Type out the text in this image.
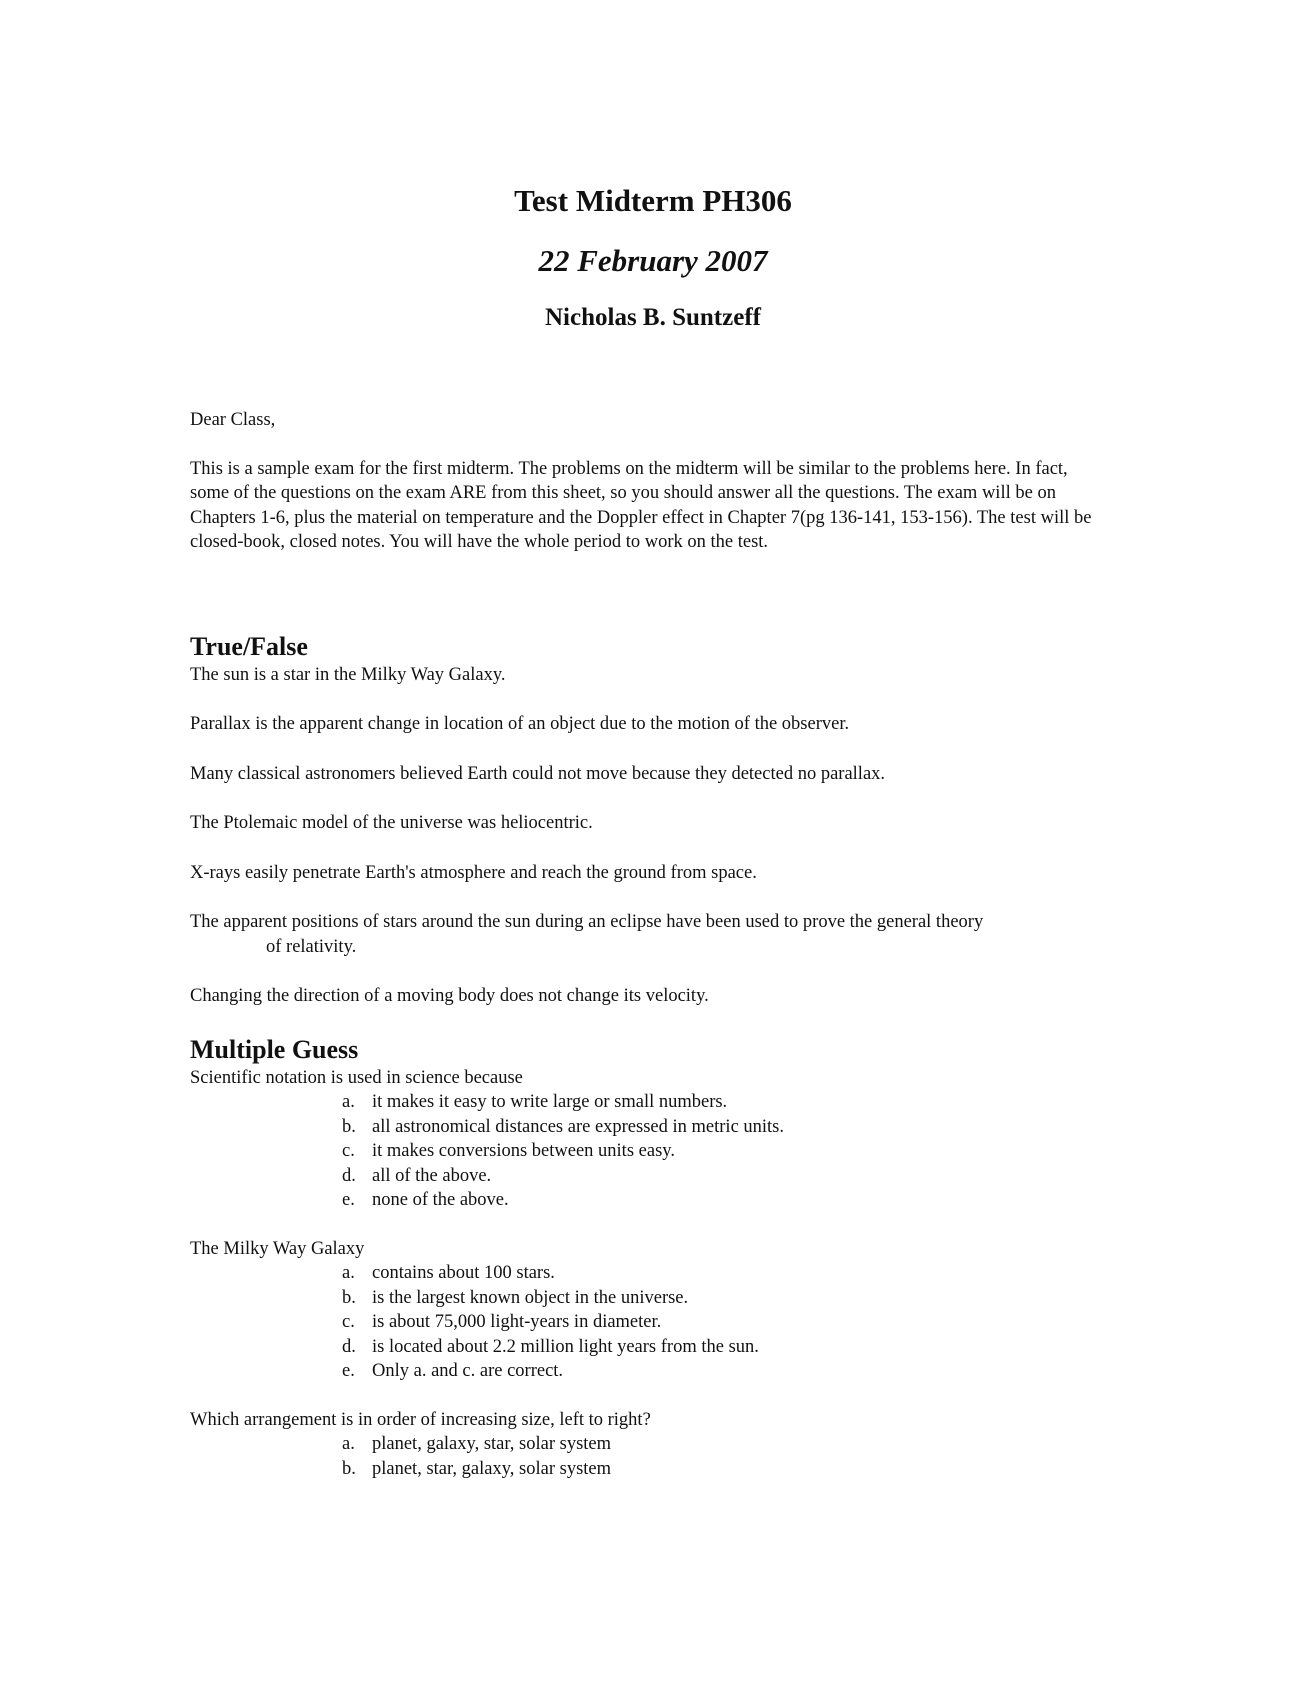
Test Midterm PH306
22 February 2007
Nicholas B. Suntzeff

Dear Class,

This is a sample exam for the first midterm. The problems on the midterm will be similar to the problems here. In fact, some of the questions on the exam ARE from this sheet, so you should answer all the questions. The exam will be on Chapters 1-6, plus the material on temperature and the Doppler effect in Chapter 7(pg 136-141, 153-156). The test will be closed-book, closed notes. You will have the whole period to work on the test.

True/False
The sun is a star in the Milky Way Galaxy.
Parallax is the apparent change in location of an object due to the motion of the observer.
Many classical astronomers believed Earth could not move because they detected no parallax.
The Ptolemaic model of the universe was heliocentric.
X-rays easily penetrate Earth's atmosphere and reach the ground from space.
The apparent positions of stars around the sun during an eclipse have been used to prove the general theory
of relativity.
Changing the direction of a moving body does not change its velocity.
Multiple Guess

Scientific notation is used in science because

a. it makes it easy to write large or small numbers.
b. all astronomical distances are expressed in metric units.
c. it makes conversions between units easy.
d. all of the above.
e. none of the above.

The Milky Way Galaxy

a. contains about 100 stars.
b. is the largest known object in the universe.
c. is about 75,000 light-years in diameter.
d. is located about 2.2 million light years from the sun.
e. Only a. and c. are correct.

Which arrangement is in order of increasing size, left to right?

a. planet, galaxy, star, solar system
b. planet, star, galaxy, solar system
